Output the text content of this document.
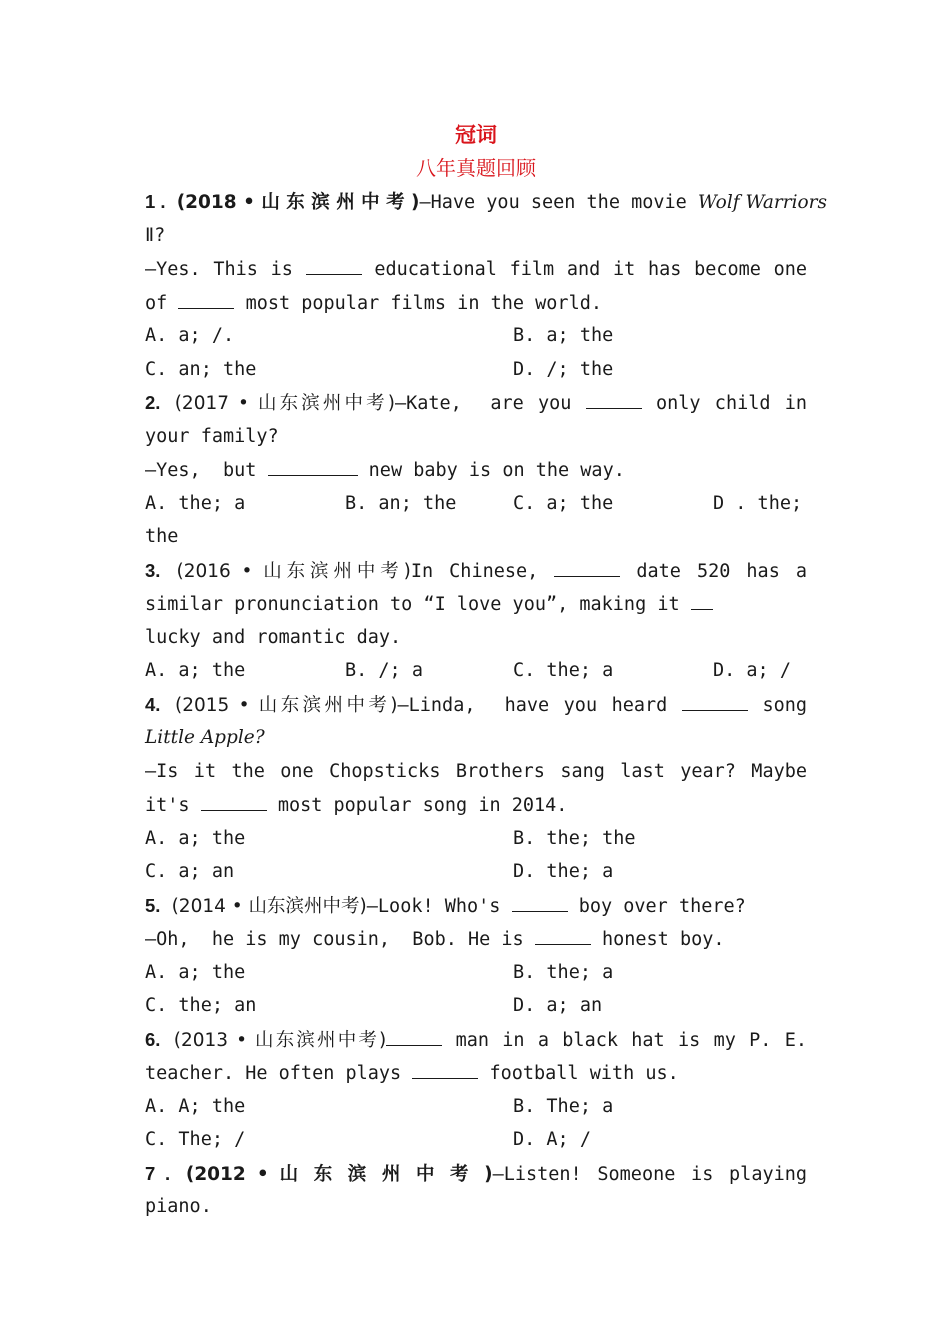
冠词
八年真题回顾
1 . (2018 • 山 东 滨 州 中 考 )—Have you seen the movie Wolf Warriors
Ⅱ?
—Yes. This is	educational film and it has become one
of	most popular films in the world.
A. a; /.	B. a; the
C. an; the	D. /; the
2. (2017 • 山东滨州中考)—Kate,  are you	only child in
your family?
—Yes,  but	new baby is on the way.
A. the; a	B. an; the	C. a; the	D . the;
the
3. (2016 • 山东滨州中考)In Chinese,	date 520 has a
similar pronunciation to “I love you”, making it
lucky and romantic day.
A. a; the	B. /; a	C. the; a	D. a; /
4. (2015 • 山东滨州中考)—Linda,  have you heard	song
Little Apple?
—Is it the one Chopsticks Brothers sang last year? Maybe
it's	most popular song in 2014.
A. a; the	B. the; the
C. a; an	D. the; a
5. (2014 • 山东滨州中考)—Look! Who's	boy over there?
—Oh,  he is my cousin,  Bob. He is	honest boy.
A. a; the	B. the; a
C. the; an	D. a; an
6. (2013 • 山东滨州中考)	man in a black hat is my P. E.
teacher. He often plays	football with us.
A. A; the	B. The; a
C. The; /	D. A; /
7 . (2012 • 山 东 滨 州 中 考 )—Listen! Someone is playing
piano.
